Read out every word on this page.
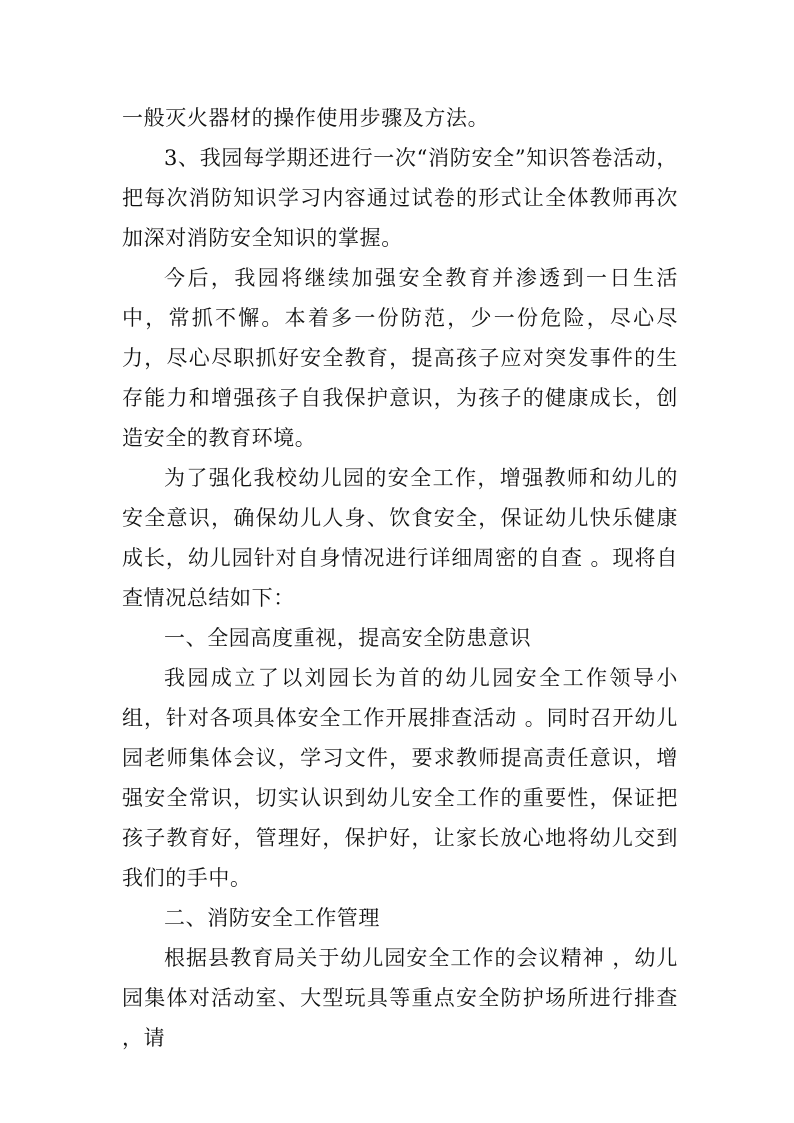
一般灭火器材的操作使用步骤及方法。

3、我园每学期还进行一次“消防安全”知识答卷活动，把每次消防知识学习内容通过试卷的形式让全体教师再次加深对消防安全知识的掌握。

今后，我园将继续加强安全教育并渗透到一日生活中，常抓不懈。本着多一份防范，少一份危险，尽心尽力，尽心尽职抓好安全教育，提高孩子应对突发事件的生存能力和增强孩子自我保护意识，为孩子的健康成长，创造安全的教育环境。

为了强化我校幼儿园的安全工作，增强教师和幼儿的安全意识，确保幼儿人身、饮食安全，保证幼儿快乐健康成长，幼儿园针对自身情况进行详细周密的自查 。现将自查情况总结如下：

一、全园高度重视，提高安全防患意识

我园成立了以刘园长为首的幼儿园安全工作领导小组，针对各项具体安全工作开展排查活动 。同时召开幼儿园老师集体会议，学习文件，要求教师提高责任意识，增强安全常识，切实认识到幼儿安全工作的重要性，保证把孩子教育好，管理好，保护好，让家长放心地将幼儿交到我们的手中。

二、消防安全工作管理

根据县教育局关于幼儿园安全工作的会议精神 ，幼儿园集体对活动室、大型玩具等重点安全防护场所进行排查 ，请
